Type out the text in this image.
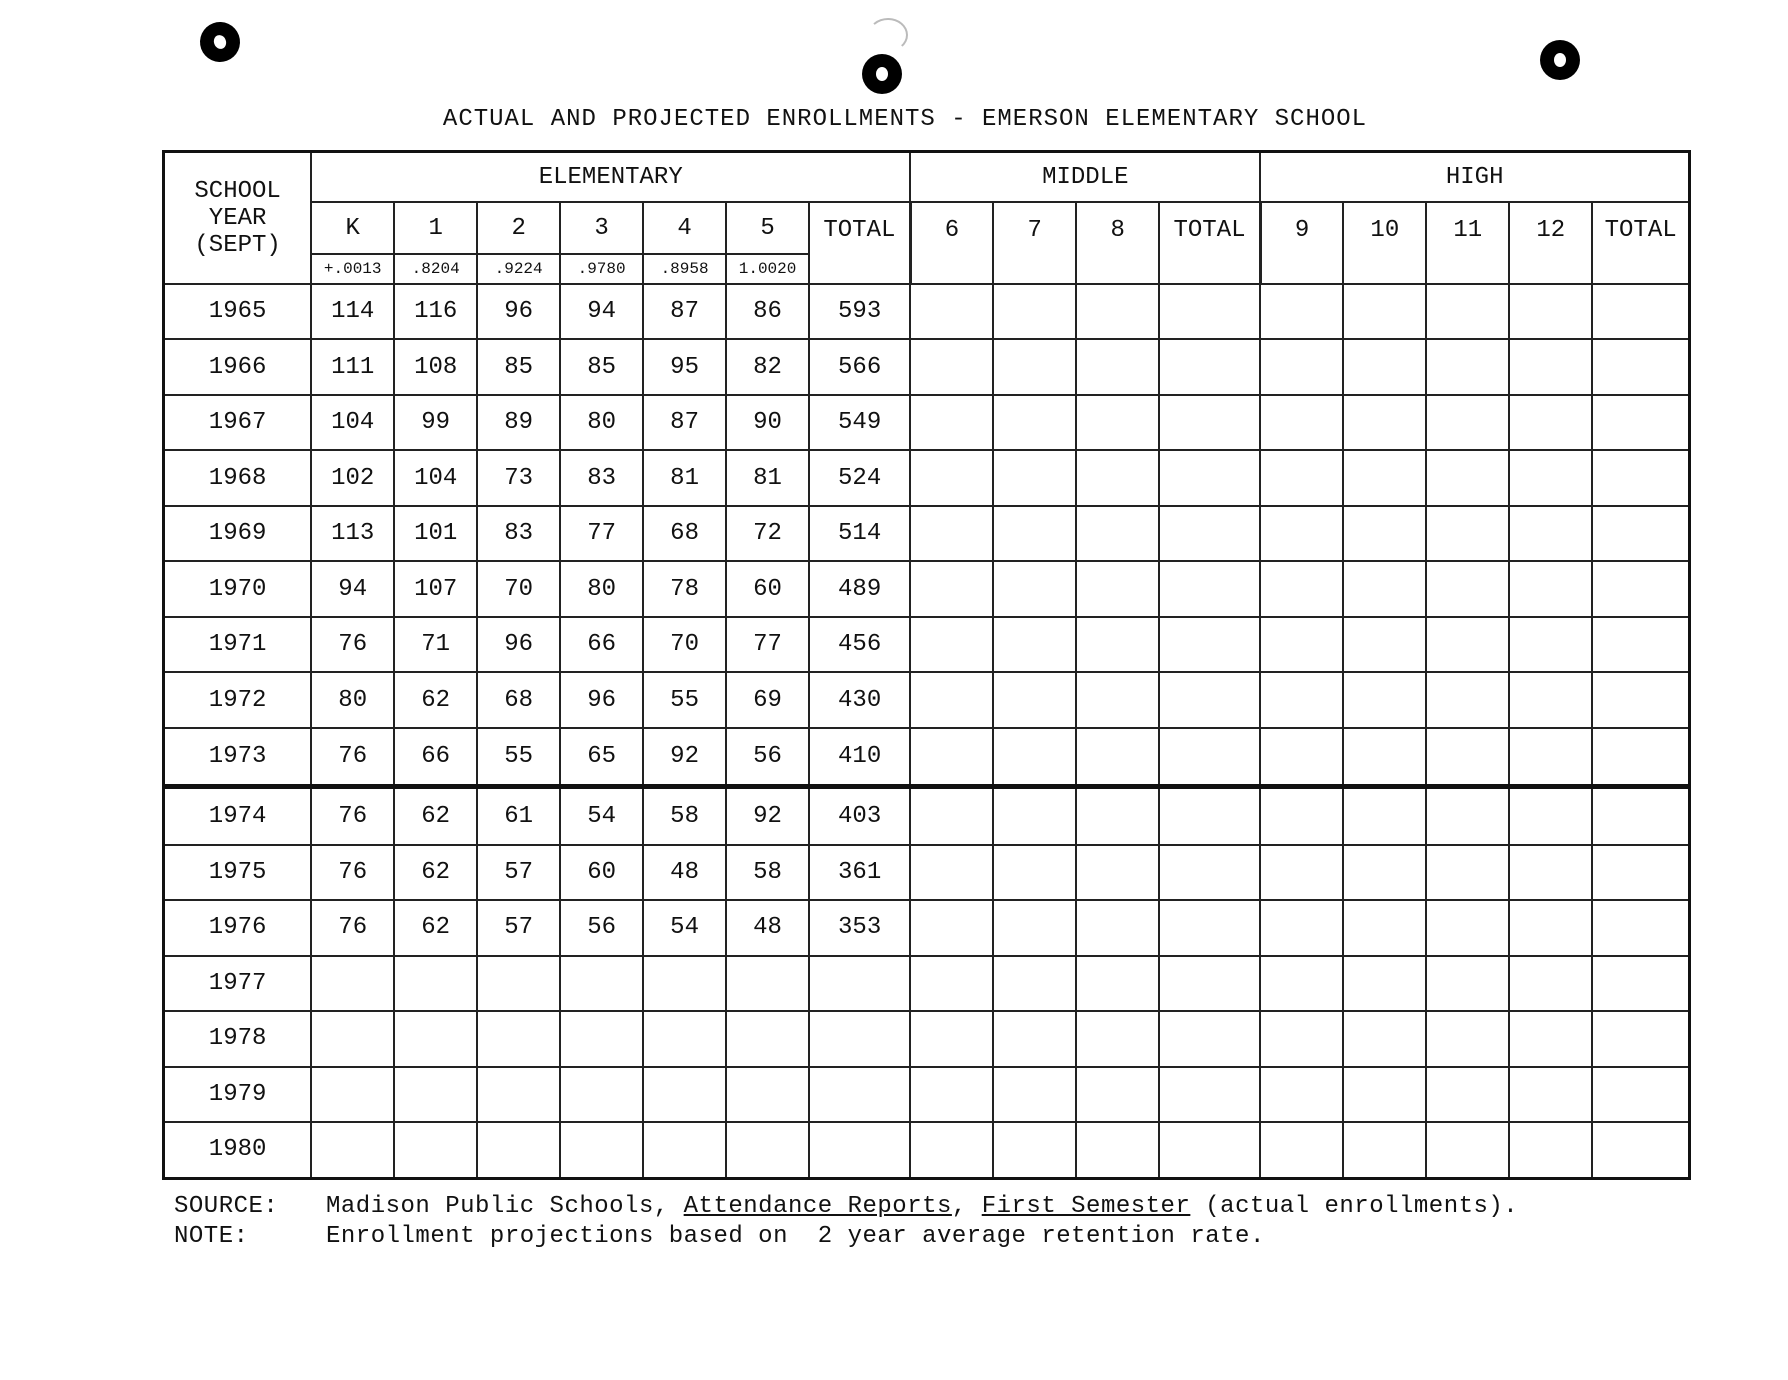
ACTUAL AND PROJECTED ENROLLMENTS - EMERSON ELEMENTARY SCHOOL
SCHOOL
YEAR
(SEPT)	ELEMENTARY							MIDDLE				HIGH				
	K	1	2	3	4	5	TOTAL	6	7	8	TOTAL	9	10	11	12	TOTAL
	+.0013	.8204	.9224	.9780	.8958	1.0020										
1965	114	116	96	94	87	86	593									
1966	111	108	85	85	95	82	566									
1967	104	99	89	80	87	90	549									
1968	102	104	73	83	81	81	524									
1969	113	101	83	77	68	72	514									
1970	94	107	70	80	78	60	489									
1971	76	71	96	66	70	77	456									
1972	80	62	68	96	55	69	430									
1973	76	66	55	65	92	56	410									
1974	76	62	61	54	58	92	403									
1975	76	62	57	60	48	58	361									
1976	76	62	57	56	54	48	353									
1977																
1978																
1979																
1980																
SOURCE:	Madison Public Schools, Attendance Reports, First Semester (actual enrollments).
NOTE:	Enrollment projections based on  2 year average retention rate.
